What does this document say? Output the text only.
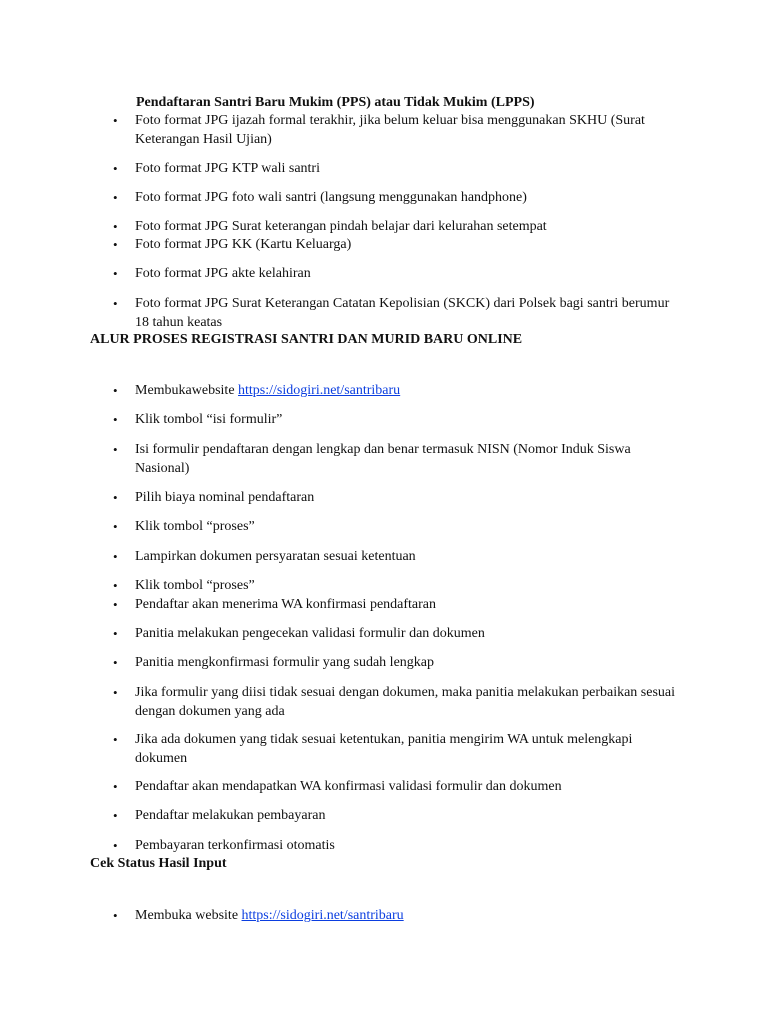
Pendaftaran Santri Baru Mukim (PPS) atau Tidak Mukim (LPPS)
•	Foto format JPG ijazah formal terakhir, jika belum keluar bisa menggunakan SKHU (Surat Keterangan Hasil Ujian)
•	Foto format JPG KTP wali santri
•	Foto format JPG foto wali santri (langsung menggunakan handphone)
•	Foto format JPG Surat keterangan pindah belajar dari kelurahan setempat
•	Foto format JPG KK (Kartu Keluarga)
•	Foto format JPG akte kelahiran
•	Foto format JPG Surat Keterangan Catatan Kepolisian (SKCK) dari Polsek bagi santri berumur 18 tahun keatas
ALUR PROSES REGISTRASI SANTRI DAN MURID BARU ONLINE
•	Membukawebsite https://sidogiri.net/santribaru
•	Klik tombol “isi formulir”
•	Isi formulir pendaftaran dengan lengkap dan benar termasuk NISN (Nomor Induk Siswa Nasional)
•	Pilih biaya nominal pendaftaran
•	Klik tombol “proses”
•	Lampirkan dokumen persyaratan sesuai ketentuan
•	Klik tombol “proses”
•	Pendaftar akan menerima WA konfirmasi pendaftaran
•	Panitia melakukan pengecekan validasi formulir dan dokumen
•	Panitia mengkonfirmasi formulir yang sudah lengkap
•	Jika formulir yang diisi tidak sesuai dengan dokumen, maka panitia melakukan perbaikan sesuai dengan dokumen yang ada
•	Jika ada dokumen yang tidak sesuai ketentukan, panitia mengirim WA untuk melengkapi dokumen
•	Pendaftar akan mendapatkan WA konfirmasi validasi formulir dan dokumen
•	Pendaftar melakukan pembayaran
•	Pembayaran terkonfirmasi otomatis
Cek Status Hasil Input
•	Membuka website https://sidogiri.net/santribaru
